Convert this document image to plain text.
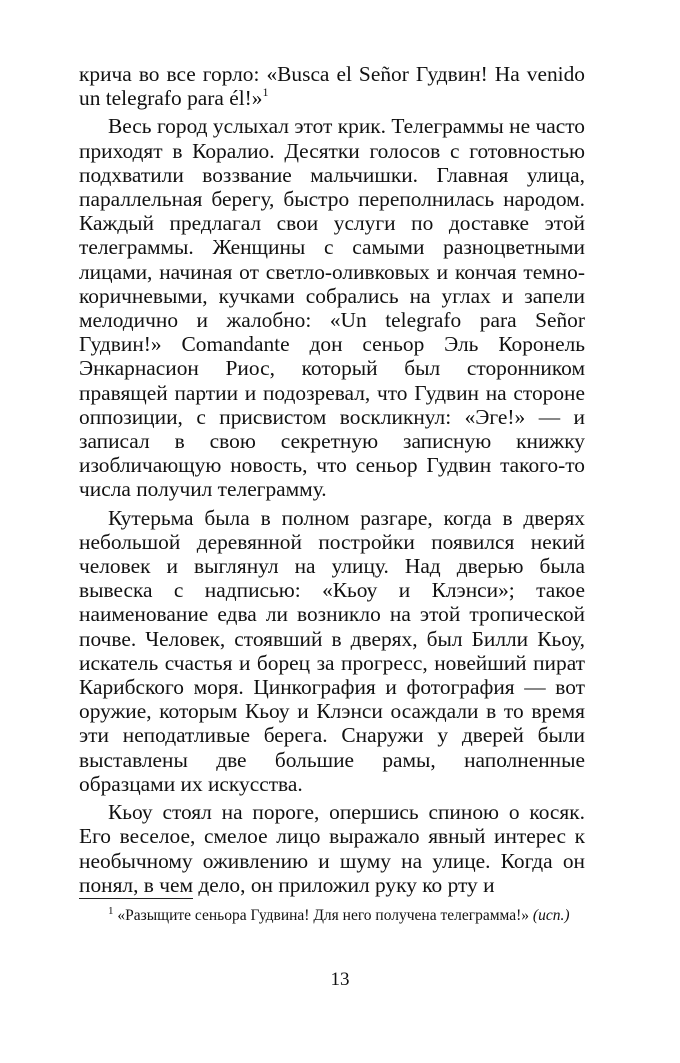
крича во все горло: «Busca el Señor Гудвин! Ha venido un telegrafo para él!»$^1$

Весь город услыхал этот крик. Телеграммы не часто приходят в Коралио. Десятки голосов с готовностью подхватили воззвание мальчишки. Главная улица, параллельная берегу, быстро переполнилась народом. Каждый предлагал свои услуги по доставке этой телеграммы. Женщины с самыми разноцветными лицами, начиная от светло-оливковых и кончая темно-коричневыми, кучками собрались на углах и запели мелодично и жалобно: «Un telegrafo para Señor Гудвин!» Comandante дон сеньор Эль Коронель Энкарнасион Риос, который был сторонником правящей партии и подозревал, что Гудвин на стороне оппозиции, с присвистом воскликнул: «Эге!» — и записал в свою секретную записную книжку изобличающую новость, что сеньор Гудвин такого-то числа получил телеграмму.

Кутерьма была в полном разгаре, когда в дверях небольшой деревянной постройки появился некий человек и выглянул на улицу. Над дверью была вывеска с надписью: «Кьоу и Клэнси»; такое наименование едва ли возникло на этой тропической почве. Человек, стоявший в дверях, был Билли Кьоу, искатель счастья и борец за прогресс, новейший пират Карибского моря. Цинкография и фотография — вот оружие, которым Кьоу и Клэнси осаждали в то время эти неподатливые берега. Снаружи у дверей были выставлены две большие рамы, наполненные образцами их искусства.

Кьоу стоял на пороге, опершись спиною о косяк. Его веселое, смелое лицо выражало явный интерес к необычному оживлению и шуму на улице. Когда он понял, в чем дело, он приложил руку ко рту и

$^1$ «Разыщите сеньора Гудвина! Для него получена телеграмма!» (исп.)

13
